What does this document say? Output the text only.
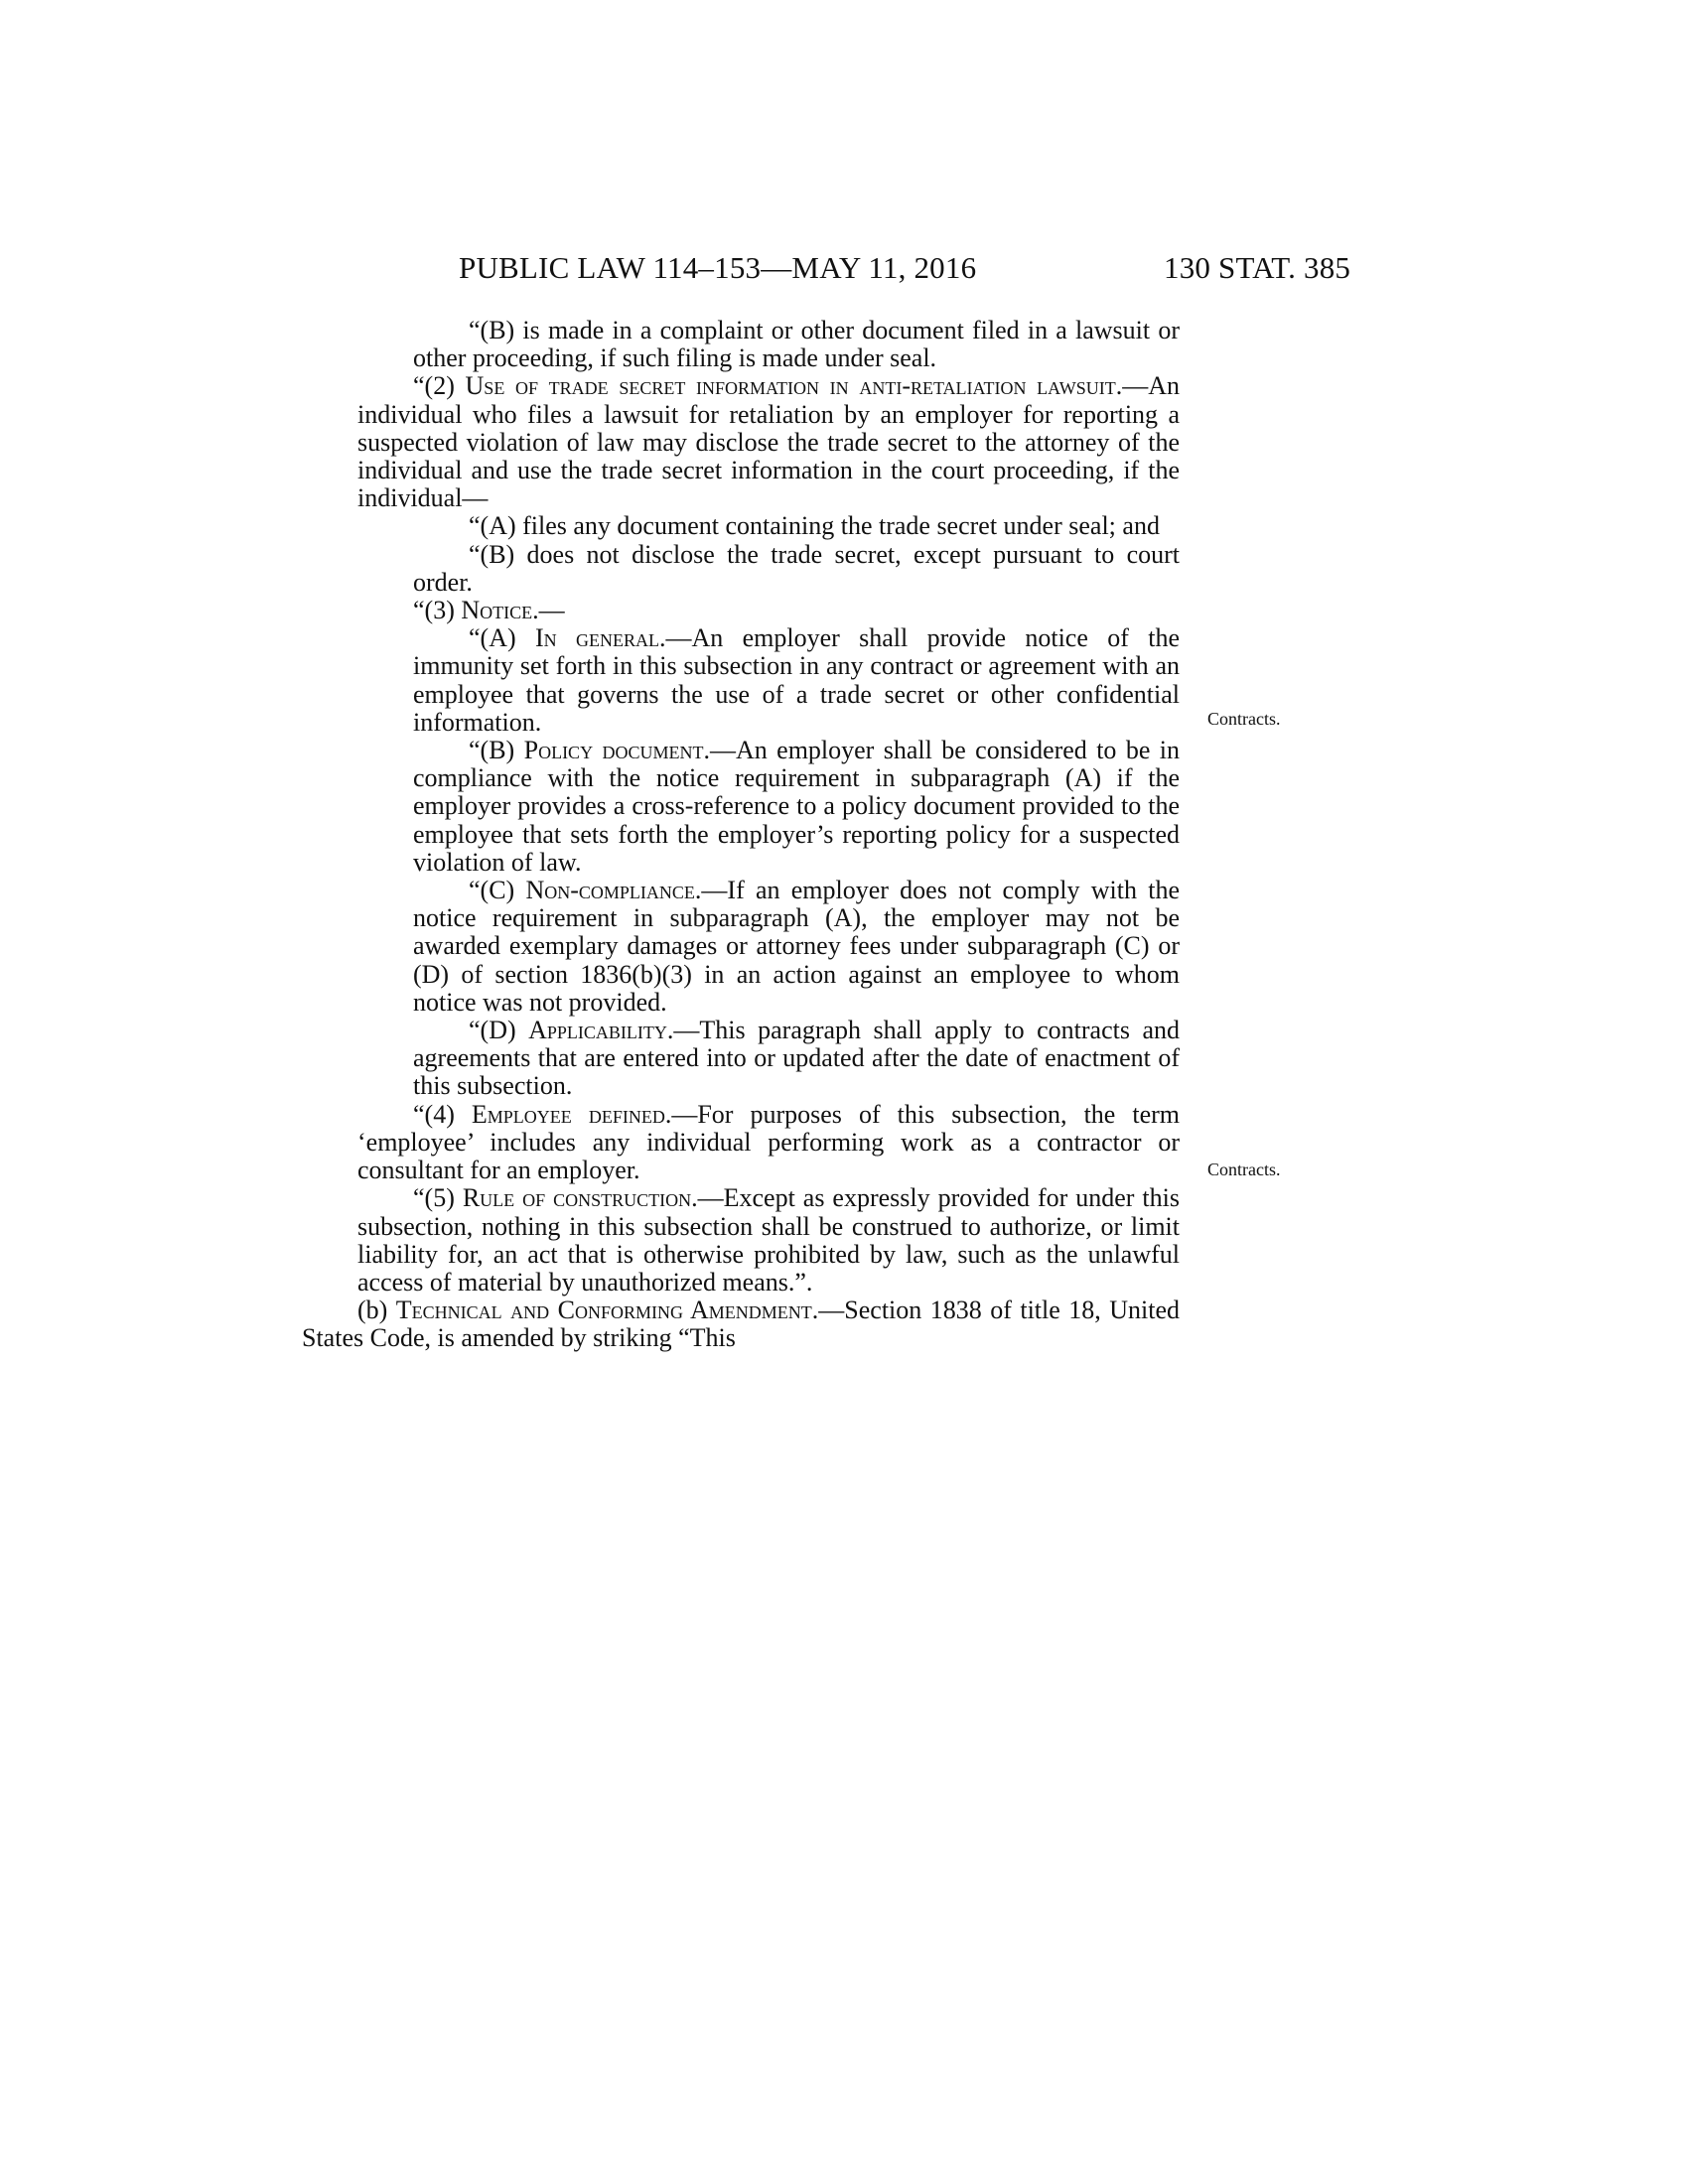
PUBLIC LAW 114–153—MAY 11, 2016	130 STAT. 385
Contracts.
Contracts.

“(B) is made in a complaint or other document filed in a lawsuit or other proceeding, if such filing is made under seal.

“(2) Use of trade secret information in anti-retaliation lawsuit.—An individual who files a lawsuit for retaliation by an employer for reporting a suspected violation of law may disclose the trade secret to the attorney of the individual and use the trade secret information in the court proceeding, if the individual—

“(A) files any document containing the trade secret under seal; and

“(B) does not disclose the trade secret, except pursuant to court order.

“(3) Notice.—

“(A) In general.—An employer shall provide notice of the immunity set forth in this subsection in any contract or agreement with an employee that governs the use of a trade secret or other confidential information.

“(B) Policy document.—An employer shall be considered to be in compliance with the notice requirement in subparagraph (A) if the employer provides a cross-reference to a policy document provided to the employee that sets forth the employer’s reporting policy for a suspected violation of law.

“(C) Non-compliance.—If an employer does not comply with the notice requirement in subparagraph (A), the employer may not be awarded exemplary damages or attorney fees under subparagraph (C) or (D) of section 1836(b)(3) in an action against an employee to whom notice was not provided.

“(D) Applicability.—This paragraph shall apply to contracts and agreements that are entered into or updated after the date of enactment of this subsection.

“(4) Employee defined.—For purposes of this subsection, the term ‘employee’ includes any individual performing work as a contractor or consultant for an employer.

“(5) Rule of construction.—Except as expressly provided for under this subsection, nothing in this subsection shall be construed to authorize, or limit liability for, an act that is otherwise prohibited by law, such as the unlawful access of material by unauthorized means.”.

(b) Technical and Conforming Amendment.—Section 1838 of title 18, United States Code, is amended by striking “This
